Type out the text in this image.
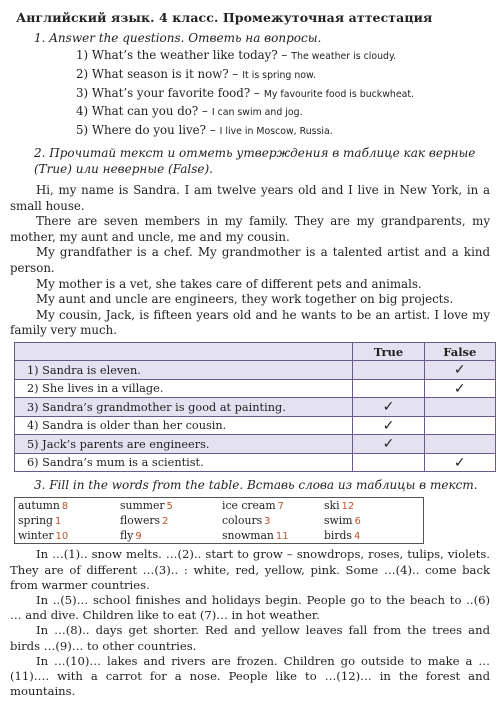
Английский язык. 4 класс. Промежуточная аттестация
1. Answer the questions. Ответь на вопросы.
1) What’s the weather like today? – The weather is cloudy.
2) What season is it now? – It is spring now.
3) What’s your favorite food? – My favourite food is buckwheat.
4) What can you do? – I can swim and jog.
5) Where do you live? – I live in Moscow, Russia.
2. Прочитай текст и отметь утверждения в таблице как верные (True) или неверные (False).

Hi, my name is Sandra. I am twelve years old and I live in New York, in a small house.

There are seven members in my family. They are my grandparents, my mother, my aunt and uncle, me and my cousin.

My grandfather is a chef. My grandmother is a talented artist and a kind person.

My mother is a vet, she takes care of different pets and animals.

My aunt and uncle are engineers, they work together on big projects.

My cousin, Jack, is fifteen years old and he wants to be an artist. I love my family very much.

	True	False
1) Sandra is eleven.		✓
2) She lives in a village.		✓
3) Sandra’s grandmother is good at painting.	✓	
4) Sandra is older than her cousin.	✓	
5) Jack’s parents are engineers.	✓	
6) Sandra’s mum is a scientist.		✓
3. Fill in the words from the table. Вставь слова из таблицы в текст.
autumn 8	summer 5	ice cream 7	ski 12
spring 1	flowers 2	colours 3	swim 6
winter 10	fly 9	snowman 11	birds 4

In …(1).. snow melts. …(2).. start to grow – snowdrops, roses, tulips, violets. They are of different …(3).. : white, red, yellow, pink. Some …(4).. come back from warmer countries.

In ..(5)… school finishes and holidays begin. People go to the beach to ..(6) … and dive. Children like to eat (7)… in hot weather.

In …(8).. days get shorter. Red and yellow leaves fall from the trees and birds …(9)… to other countries.

In …(10)… lakes and rivers are frozen. Children go outside to make a …(11)…. with a carrot for a nose. People like to …(12)… in the forest and mountains.
